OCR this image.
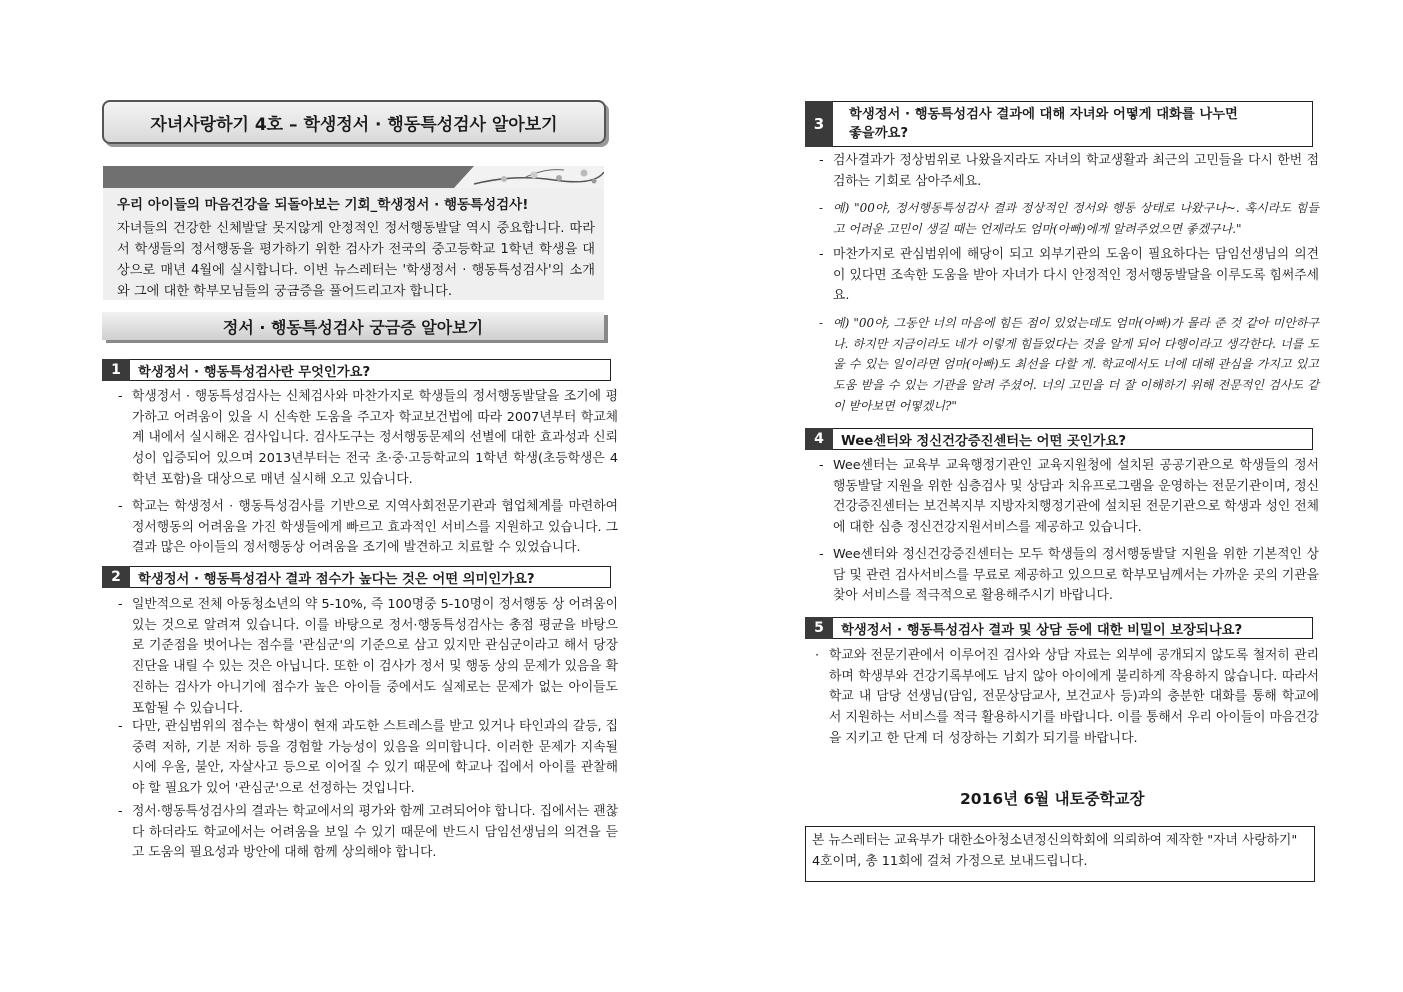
자녀사랑하기 4호 – 학생정서 · 행동특성검사 알아보기
우리 아이들의 마음건강을 되돌아보는 기회_학생정서 · 행동특성검사!
자녀들의 건강한 신체발달 못지않게 안정적인 정서행동발달 역시 중요합니다. 따라서 학생들의 정서행동을 평가하기 위한 검사가 전국의 중고등학교 1학년 학생을 대상으로 매년 4월에 실시합니다. 이번 뉴스레터는 '학생정서 · 행동특성검사'의 소개와 그에 대한 학부모님들의 궁금증을 풀어드리고자 합니다.
정서 · 행동특성검사 궁금증 알아보기
1	학생정서 · 행동특성검사란 무엇인가요?
- 학생정서 · 행동특성검사는 신체검사와 마찬가지로 학생들의 정서행동발달을 조기에 평가하고 어려움이 있을 시 신속한 도움을 주고자 학교보건법에 따라 2007년부터 학교체계 내에서 실시해온 검사입니다. 검사도구는 정서행동문제의 선별에 대한 효과성과 신뢰성이 입증되어 있으며 2013년부터는 전국 초·중·고등학교의 1학년 학생(초등학생은 4학년 포함)을 대상으로 매년 실시해 오고 있습니다.
- 학교는 학생정서 · 행동특성검사를 기반으로 지역사회전문기관과 협업체계를 마련하여 정서행동의 어려움을 가진 학생들에게 빠르고 효과적인 서비스를 지원하고 있습니다. 그 결과 많은 아이들의 정서행동상 어려움을 조기에 발견하고 치료할 수 있었습니다.
2	학생정서 · 행동특성검사 결과 점수가 높다는 것은 어떤 의미인가요?
- 일반적으로 전체 아동청소년의 약 5-10%, 즉 100명중 5-10명이 정서행동 상 어려움이 있는 것으로 알려져 있습니다. 이를 바탕으로 정서·행동특성검사는 총점 평균을 바탕으로 기준점을 벗어나는 점수를 '관심군'의 기준으로 삼고 있지만 관심군이라고 해서 당장 진단을 내릴 수 있는 것은 아닙니다. 또한 이 검사가 정서 및 행동 상의 문제가 있음을 확진하는 검사가 아니기에 점수가 높은 아이들 중에서도 실제로는 문제가 없는 아이들도 포함될 수 있습니다.
- 다만, 관심범위의 점수는 학생이 현재 과도한 스트레스를 받고 있거나 타인과의 갈등, 집중력 저하, 기분 저하 등을 경험할 가능성이 있음을 의미합니다. 이러한 문제가 지속될 시에 우울, 불안, 자살사고 등으로 이어질 수 있기 때문에 학교나 집에서 아이를 관찰해야 할 필요가 있어 '관심군'으로 선정하는 것입니다.
- 정서·행동특성검사의 결과는 학교에서의 평가와 함께 고려되어야 합니다. 집에서는 괜찮다 하더라도 학교에서는 어려움을 보일 수 있기 때문에 반드시 담임선생님의 의견을 듣고 도움의 필요성과 방안에 대해 함께 상의해야 합니다.
3
학생정서 · 행동특성검사 결과에 대해 자녀와 어떻게 대화를 나누면
좋을까요?
- 검사결과가 정상범위로 나왔을지라도 자녀의 학교생활과 최근의 고민들을 다시 한번 점검하는 기회로 삼아주세요.
- 예) "00야, 정서행동특성검사 결과 정상적인 정서와 행동 상태로 나왔구나~. 혹시라도 힘들고 어려운 고민이 생길 때는 언제라도 엄마(아빠)에게 알려주었으면 좋겠구나."
- 마찬가지로 관심범위에 해당이 되고 외부기관의 도움이 필요하다는 담임선생님의 의견이 있다면 조속한 도움을 받아 자녀가 다시 안정적인 정서행동발달을 이루도록 힘써주세요.
- 예) "00야, 그동안 너의 마음에 힘든 점이 있었는데도 엄마(아빠)가 몰라 준 것 같아 미안하구나. 하지만 지금이라도 네가 이렇게 힘들었다는 것을 알게 되어 다행이라고 생각한다. 너를 도울 수 있는 일이라면 엄마(아빠)도 최선을 다할 게. 학교에서도 너에 대해 관심을 가지고 있고 도움 받을 수 있는 기관을 알려 주셨어. 너의 고민을 더 잘 이해하기 위해 전문적인 검사도 같이 받아보면 어떻겠니?"
4	Wee센터와 정신건강증진센터는 어떤 곳인가요?
- Wee센터는 교육부 교육행정기관인 교육지원청에 설치된 공공기관으로 학생들의 정서행동발달 지원을 위한 심층검사 및 상담과 치유프로그램을 운영하는 전문기관이며, 정신건강증진센터는 보건복지부 지방자치행정기관에 설치된 전문기관으로 학생과 성인 전체에 대한 심층 정신건강지원서비스를 제공하고 있습니다.
- Wee센터와 정신건강증진센터는 모두 학생들의 정서행동발달 지원을 위한 기본적인 상담 및 관련 검사서비스를 무료로 제공하고 있으므로 학부모님께서는 가까운 곳의 기관을 찾아 서비스를 적극적으로 활용해주시기 바랍니다.
5	학생정서 · 행동특성검사 결과 및 상담 등에 대한 비밀이 보장되나요?
· 학교와 전문기관에서 이루어진 검사와 상담 자료는 외부에 공개되지 않도록 철저히 관리하며 학생부와 건강기록부에도 남지 않아 아이에게 불리하게 작용하지 않습니다. 따라서 학교 내 담당 선생님(담임, 전문상담교사, 보건교사 등)과의 충분한 대화를 통해 학교에서 지원하는 서비스를 적극 활용하시기를 바랍니다. 이를 통해서 우리 아이들이 마음건강을 지키고 한 단계 더 성장하는 기회가 되기를 바랍니다.
2016년 6월 내토중학교장
본 뉴스레터는 교육부가 대한소아청소년정신의학회에 의뢰하여 제작한 "자녀 사랑하기" 4호이며, 총 11회에 걸쳐 가정으로 보내드립니다.
